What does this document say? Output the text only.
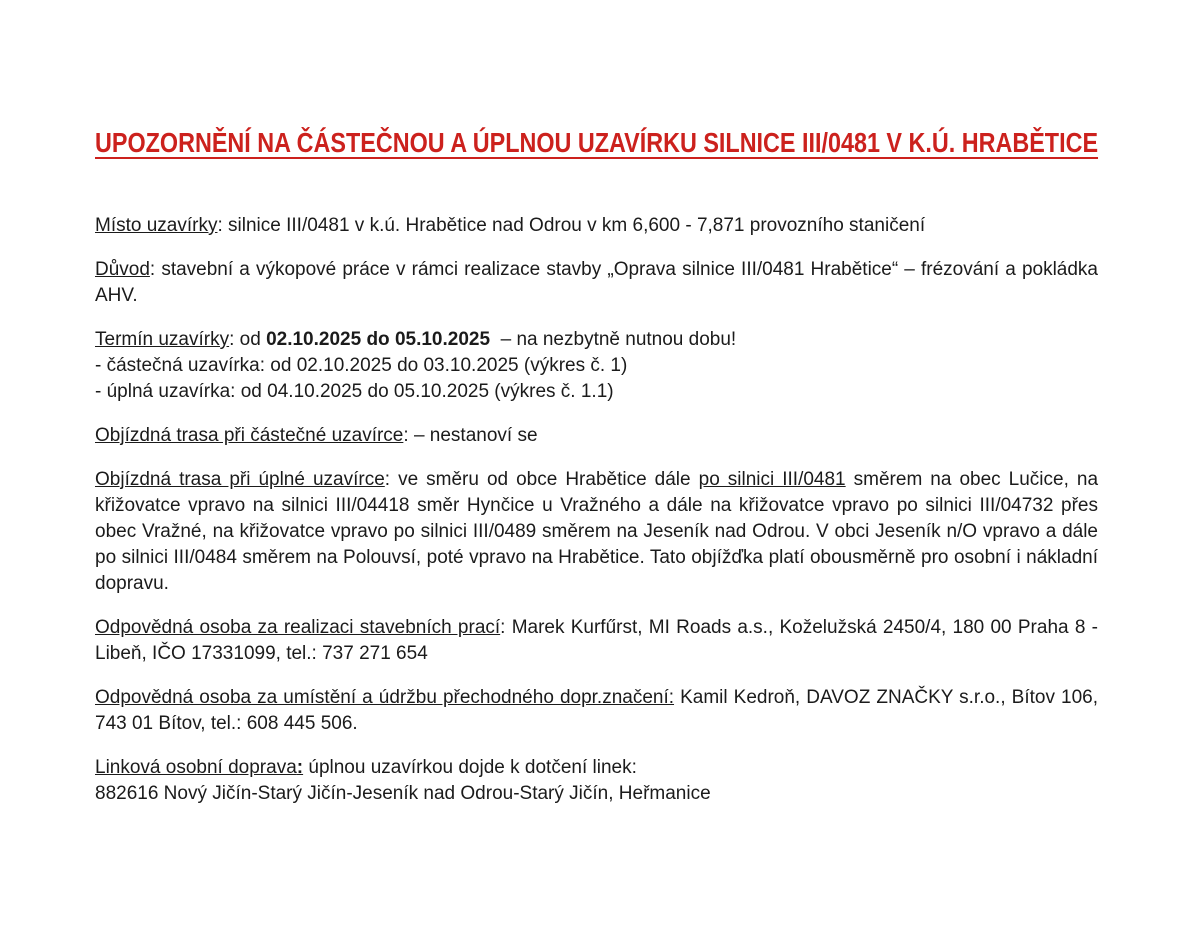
UPOZORNĚNÍ NA ČÁSTEČNOU A ÚPLNOU UZAVÍRKU SILNICE III/0481 V K.Ú. HRABĚTICE

Místo uzavírky: silnice III/0481 v k.ú. Hrabětice nad Odrou v km 6,600 - 7,871 provozního staničení

Důvod: stavební a výkopové práce v rámci realizace stavby „Oprava silnice III/0481 Hrabětice“ – frézování a pokládka AHV.

Termín uzavírky: od 02.10.2025 do 05.10.2025  – na nezbytně nutnou dobu!
- částečná uzavírka: od 02.10.2025 do 03.10.2025 (výkres č. 1)
- úplná uzavírka: od 04.10.2025 do 05.10.2025 (výkres č. 1.1)

Objízdná trasa při částečné uzavírce: – nestanoví se

Objízdná trasa při úplné uzavírce: ve směru od obce Hrabětice dále po silnici III/0481 směrem na obec Lučice, na křižovatce vpravo na silnici III/04418 směr Hynčice u Vražného a dále na křižovatce vpravo po silnici III/04732 přes obec Vražné, na křižovatce vpravo po silnici III/0489 směrem na Jeseník nad Odrou. V obci Jeseník n/O vpravo a dále po silnici III/0484 směrem na Polouvsí, poté vpravo na Hrabětice. Tato objížďka platí obousměrně pro osobní i nákladní dopravu.

Odpovědná osoba za realizaci stavebních prací: Marek Kurfűrst, MI Roads a.s., Koželužská 2450/4, 180 00 Praha 8 - Libeň, IČO 17331099, tel.: 737 271 654

Odpovědná osoba za umístění a údržbu přechodného dopr.značení: Kamil Kedroň, DAVOZ ZNAČKY s.r.o., Bítov 106, 743 01 Bítov, tel.: 608 445 506.

Linková osobní doprava: úplnou uzavírkou dojde k dotčení linek:
882616 Nový Jičín-Starý Jičín-Jeseník nad Odrou-Starý Jičín, Heřmanice
